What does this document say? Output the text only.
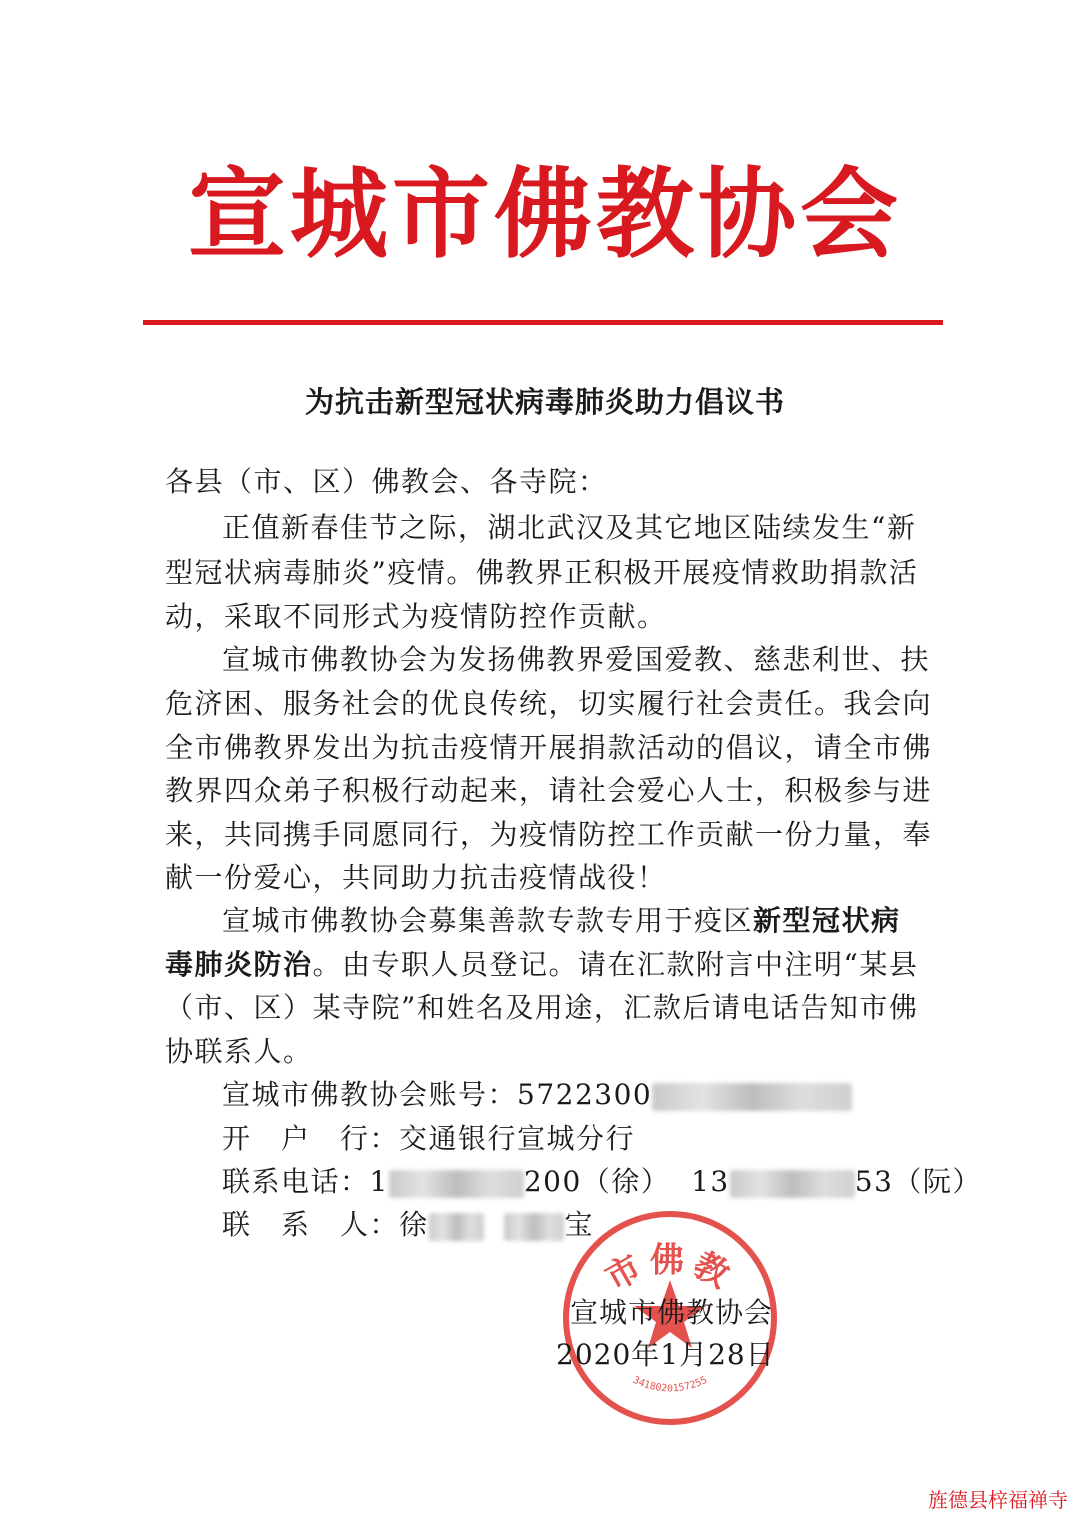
宣城市佛教协会
为抗击新型冠状病毒肺炎助力倡议书
各县（市、区）佛教会、各寺院：
正值新春佳节之际，湖北武汉及其它地区陆续发生“新
型冠状病毒肺炎”疫情。佛教界正积极开展疫情救助捐款活
动，采取不同形式为疫情防控作贡献。
宣城市佛教协会为发扬佛教界爱国爱教、慈悲利世、扶
危济困、服务社会的优良传统，切实履行社会责任。我会向
全市佛教界发出为抗击疫情开展捐款活动的倡议，请全市佛
教界四众弟子积极行动起来，请社会爱心人士，积极参与进
来，共同携手同愿同行，为疫情防控工作贡献一份力量，奉
献一份爱心，共同助力抗击疫情战役！
宣城市佛教协会募集善款专款专用于疫区新型冠状病
毒肺炎防治。由专职人员登记。请在汇款附言中注明“某县
（市、区）某寺院”和姓名及用途，汇款后请电话告知市佛
协联系人。
宣城市佛教协会账号：5722300
开　户　行：交通银行宣城分行
联系电话：1	200（徐） 13	53（阮）
联　系　人：徐	宝
市佛教
3418020157255
宣城市佛教协会
2020年1月28日
旌德县梓福禅寺
